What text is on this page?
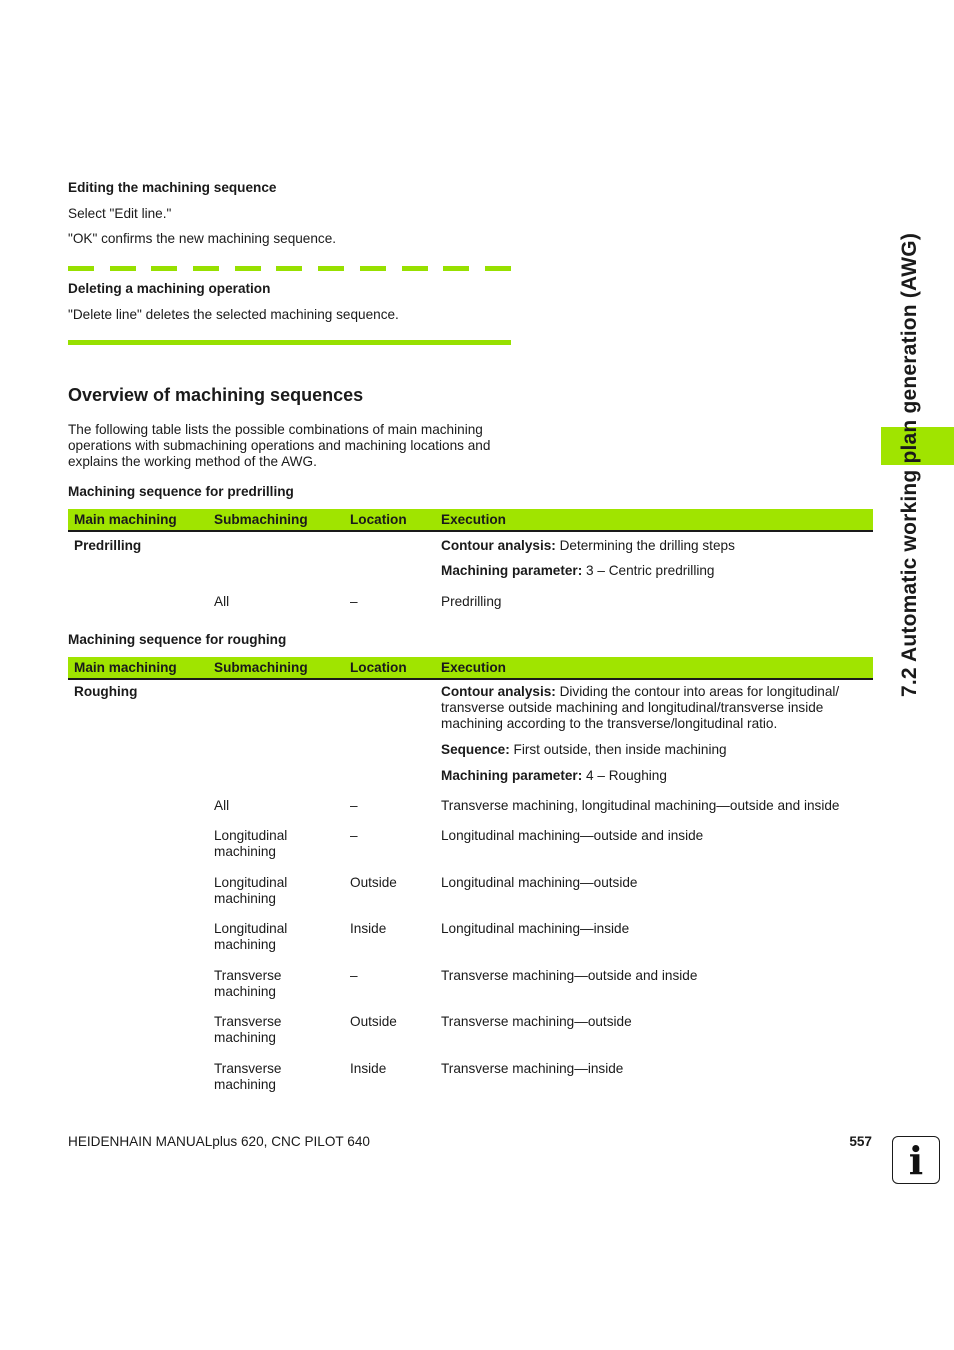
Editing the machining sequence
Select "Edit line."
"OK" confirms the new machining sequence.
Deleting a machining operation
"Delete line" deletes the selected machining sequence.
Overview of machining sequences

The following table lists the possible combinations of main machining operations with submachining operations and machining locations and explains the working method of the AWG.

Machining sequence for predrilling
Main machining	Submachining	Location	Execution
Predrilling			Contour analysis: Determining the drilling steps
			Machining parameter: 3 – Centric predrilling
	All	–	Predrilling
Machining sequence for roughing
Main machining	Submachining	Location	Execution
Roughing			Contour analysis: Dividing the contour into areas for longitudinal/ transverse outside machining and longitudinal/transverse inside machining according to the transverse/longitudinal ratio.
			Sequence: First outside, then inside machining
			Machining parameter: 4 – Roughing
	All	–	Transverse machining, longitudinal machining—outside and inside
	Longitudinal machining	–	Longitudinal machining—outside and inside
	Longitudinal machining	Outside	Longitudinal machining—outside
	Longitudinal machining	Inside	Longitudinal machining—inside
	Transverse machining	–	Transverse machining—outside and inside
	Transverse machining	Outside	Transverse machining—outside
	Transverse machining	Inside	Transverse machining—inside
HEIDENHAIN MANUALplus 620, CNC PILOT 640	557
7.2 Automatic working plan generation (AWG)
i
